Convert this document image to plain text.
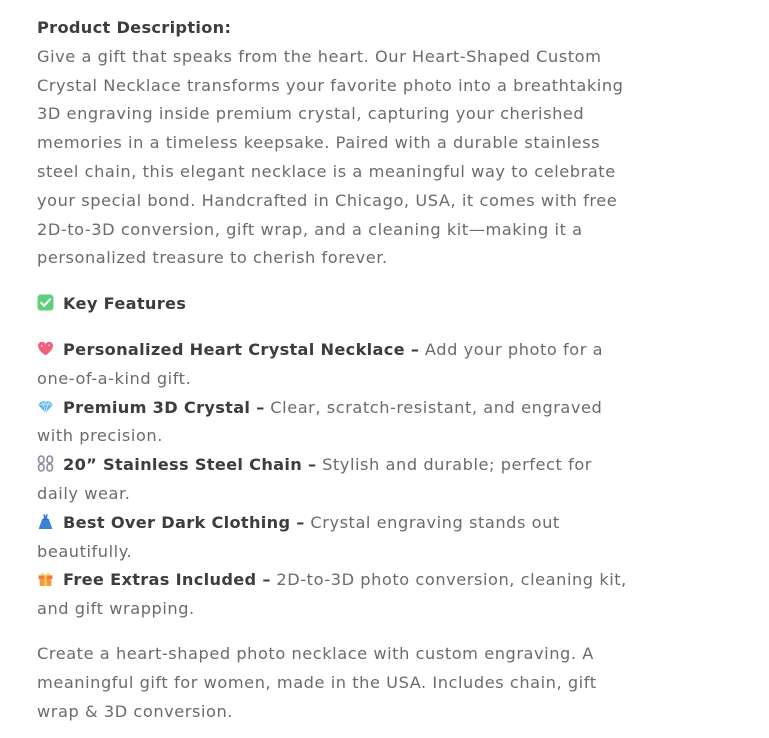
Product Description:

Give a gift that speaks from the heart. Our Heart-Shaped Custom Crystal Necklace transforms your favorite photo into a breathtaking 3D engraving inside premium crystal, capturing your cherished memories in a timeless keepsake. Paired with a durable stainless steel chain, this elegant necklace is a meaningful way to celebrate your special bond. Handcrafted in Chicago, USA, it comes with free 2D-to-3D conversion, gift wrap, and a cleaning kit—making it a personalized treasure to cherish forever.

Key Features

Personalized Heart Crystal Necklace – Add your photo for a one-of-a-kind gift.

Premium 3D Crystal – Clear, scratch-resistant, and engraved with precision.

20” Stainless Steel Chain – Stylish and durable; perfect for daily wear.

Best Over Dark Clothing – Crystal engraving stands out beautifully.

Free Extras Included – 2D-to-3D photo conversion, cleaning kit, and gift wrapping.

Create a heart-shaped photo necklace with custom engraving. A meaningful gift for women, made in the USA. Includes chain, gift wrap & 3D conversion.
